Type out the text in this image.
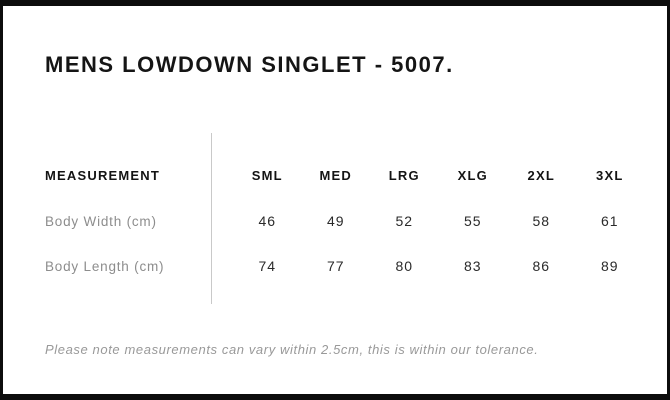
MENS LOWDOWN SINGLET - 5007.
MEASUREMENT	SML	MED	LRG	XLG	2XL	3XL
Body Width (cm)	46	49	52	55	58	61
Body Length (cm)	74	77	80	83	86	89

Please note measurements can vary within 2.5cm, this is within our tolerance.
